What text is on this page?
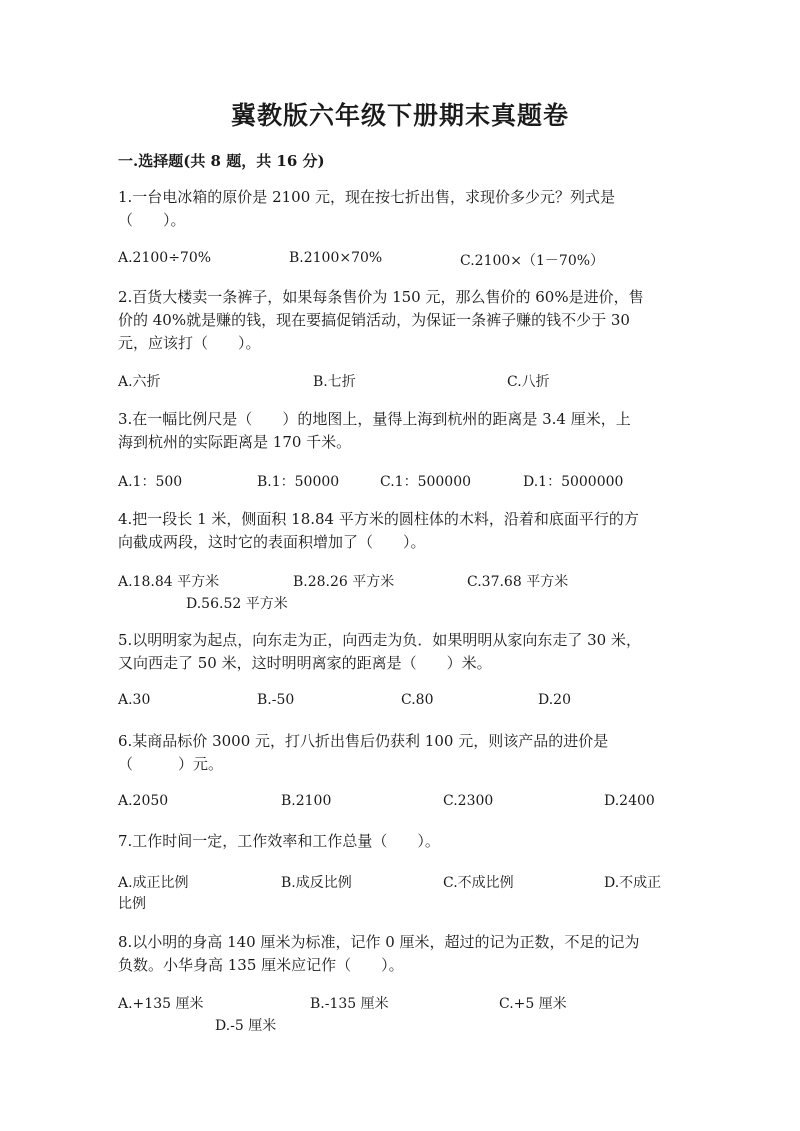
冀教版六年级下册期末真题卷
一.选择题(共 8 题，共 16 分)
1.一台电冰箱的原价是 2100 元，现在按七折出售，求现价多少元？列式是
（　　）。
A.2100÷70%	B.2100×70%	C.2100×（1－70%）
2.百货大楼卖一条裤子，如果每条售价为 150 元，那么售价的 60%是进价，售
价的 40%就是赚的钱，现在要搞促销活动，为保证一条裤子赚的钱不少于 30
元，应该打（　　）。
A.六折	B.七折	C.八折
3.在一幅比例尺是（　　）的地图上，量得上海到杭州的距离是 3.4 厘米，上
海到杭州的实际距离是 170 千米。
A.1：500	B.1：50000	C.1：500000	D.1：5000000
4.把一段长 1 米，侧面积 18.84 平方米的圆柱体的木料，沿着和底面平行的方
向截成两段，这时它的表面积增加了（　　）。
A.18.84 平方米	B.28.26 平方米	C.37.68 平方米
D.56.52 平方米
5.以明明家为起点，向东走为正，向西走为负．如果明明从家向东走了 30 米，
又向西走了 50 米，这时明明离家的距离是（　　）米。
A.30	B.-50	C.80	D.20
6.某商品标价 3000 元，打八折出售后仍获利 100 元，则该产品的进价是
（　　　）元。
A.2050	B.2100	C.2300	D.2400
7.工作时间一定，工作效率和工作总量（　　）。
A.成正比例	B.成反比例	C.不成比例	D.不成正
比例
8.以小明的身高 140 厘米为标准，记作 0 厘米，超过的记为正数，不足的记为
负数。小华身高 135 厘米应记作（　　）。
A.+135 厘米	B.-135 厘米	C.+5 厘米
D.-5 厘米
